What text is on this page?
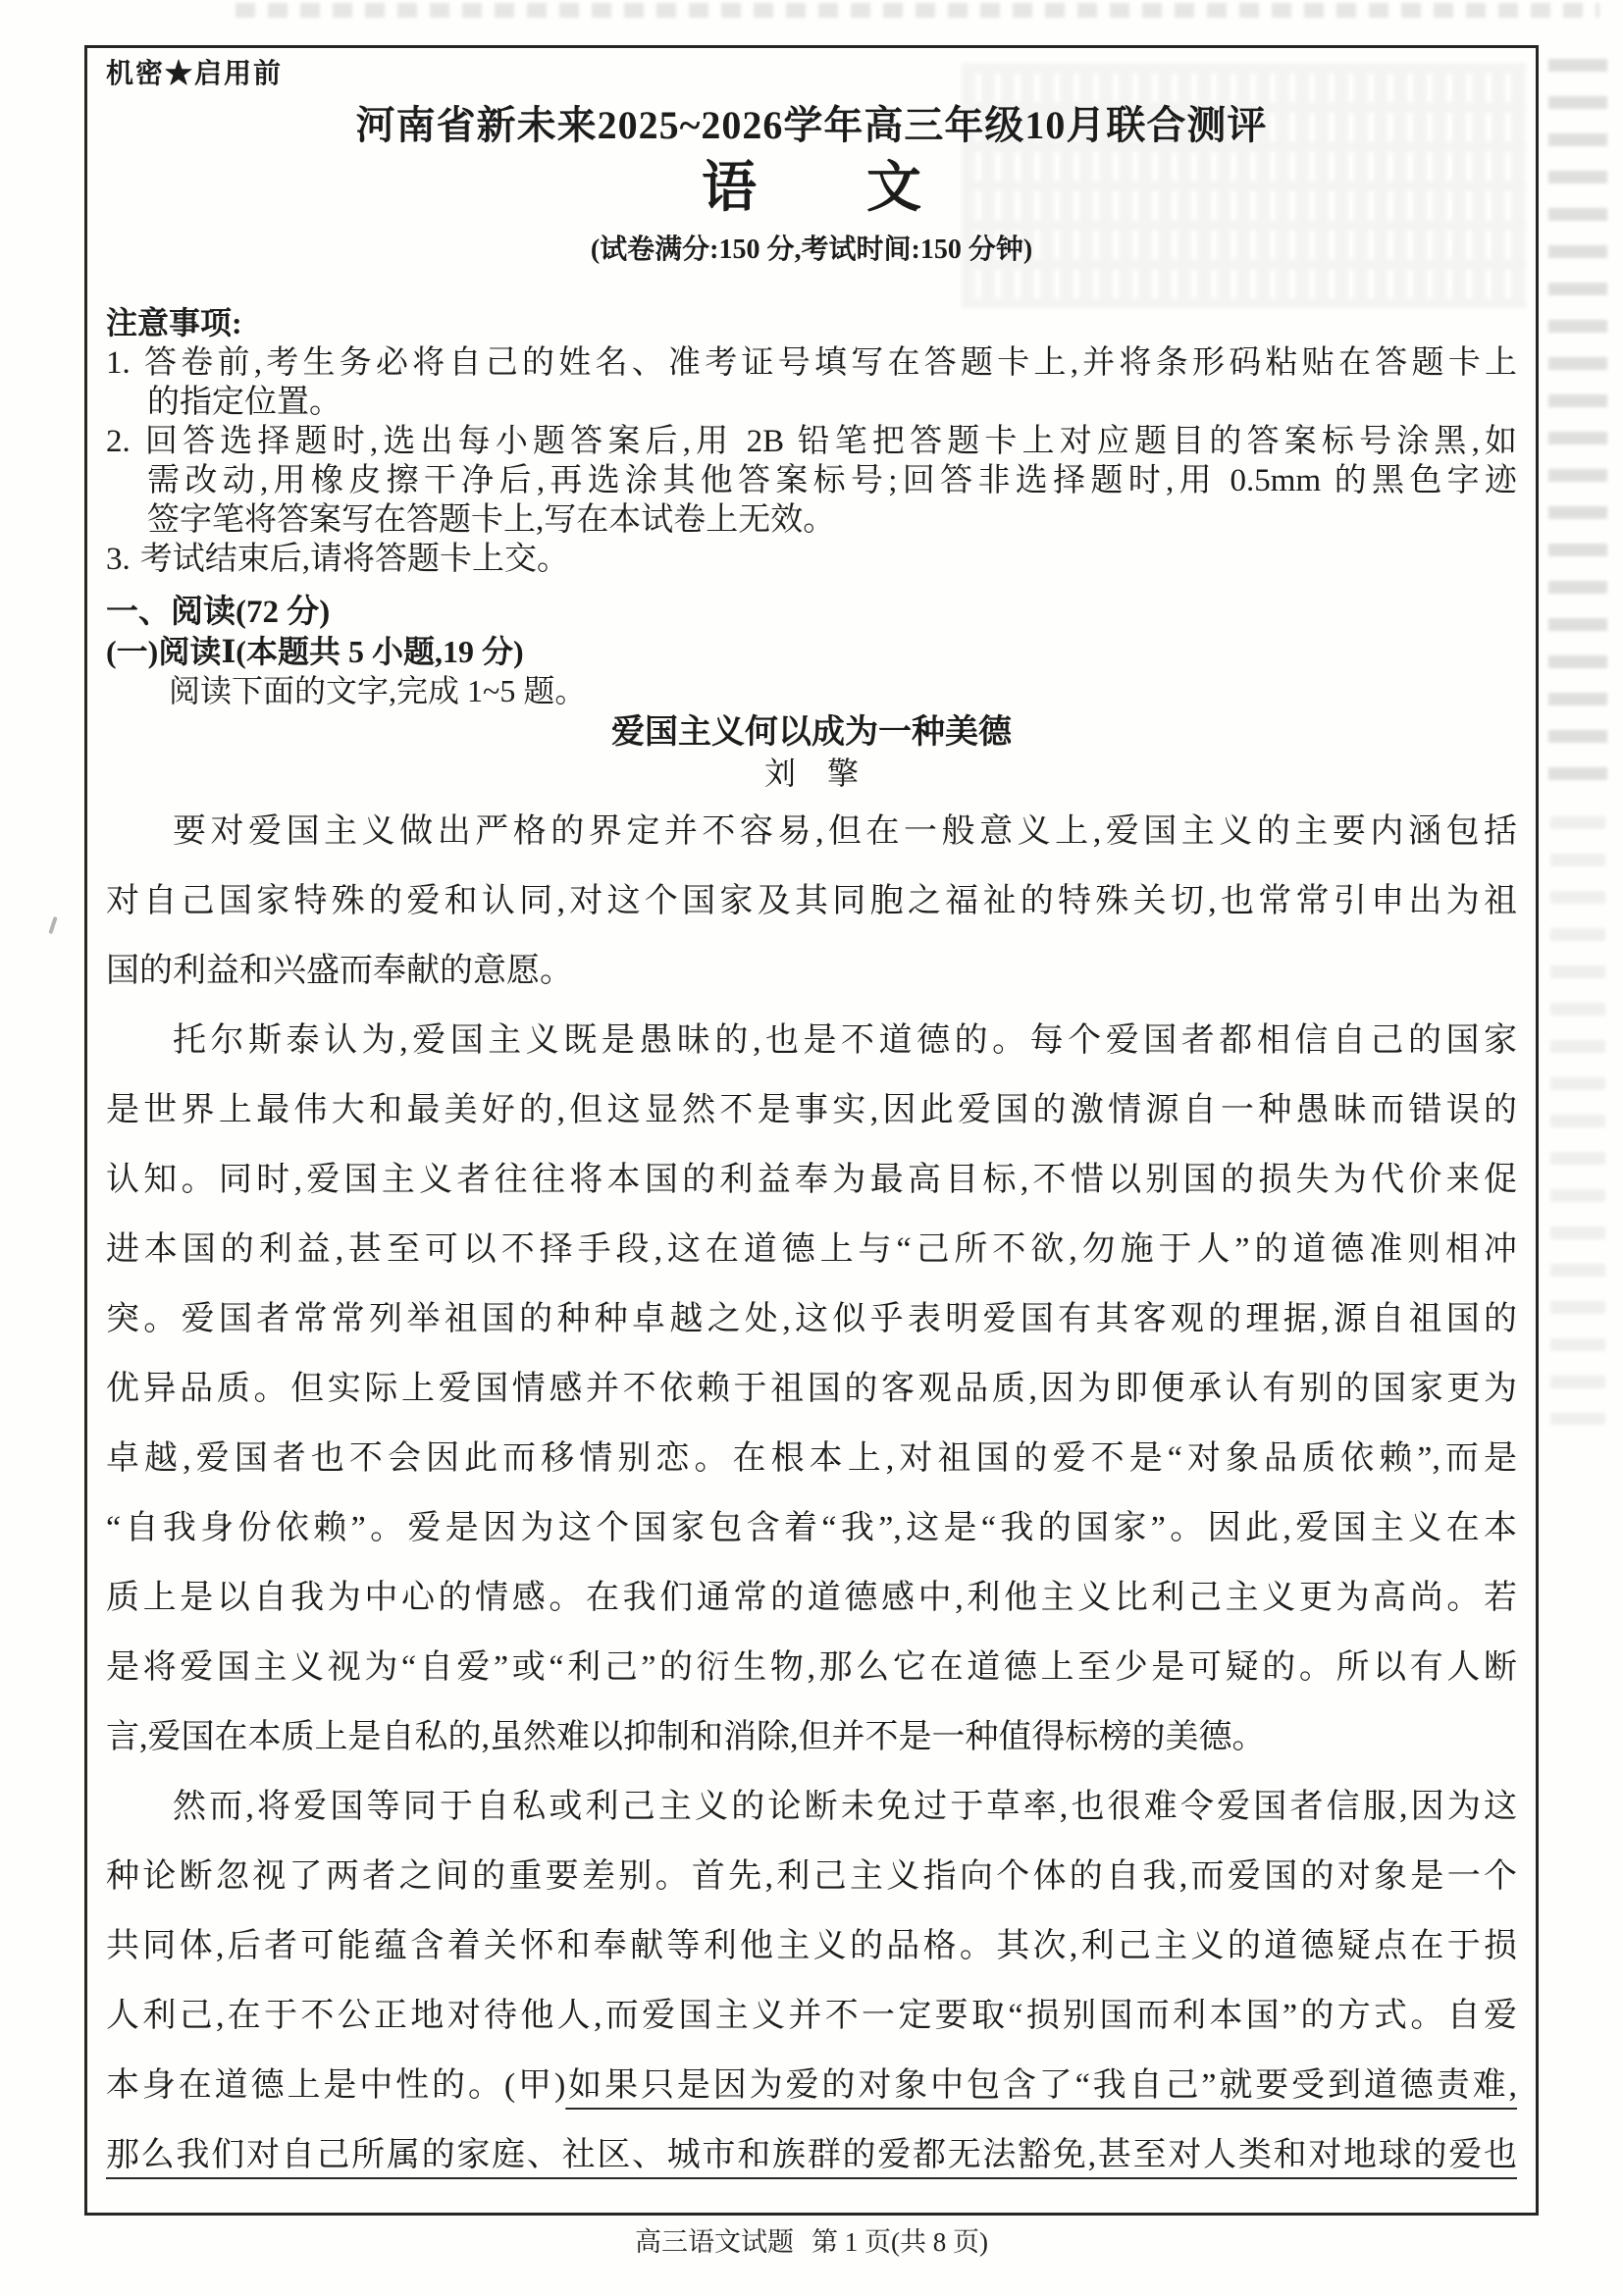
机密★启用前
河南省新未来2025~2026学年高三年级10月联合测评
语　　文
(试卷满分:150 分,考试时间:150 分钟)
注意事项:
1. 答卷前,考生务必将自己的姓名、准考证号填写在答题卡上,并将条形码粘贴在答题卡上
的指定位置。
2. 回答选择题时,选出每小题答案后,用 2B 铅笔把答题卡上对应题目的答案标号涂黑,如
需改动,用橡皮擦干净后,再选涂其他答案标号;回答非选择题时,用 0.5mm 的黑色字迹
签字笔将答案写在答题卡上,写在本试卷上无效。
3. 考试结束后,请将答题卡上交。
一、阅读(72 分)
(一)阅读Ⅰ(本题共 5 小题,19 分)
阅读下面的文字,完成 1~5 题。
爱国主义何以成为一种美德
刘　擎
要对爱国主义做出严格的界定并不容易,但在一般意义上,爱国主义的主要内涵包括
对自己国家特殊的爱和认同,对这个国家及其同胞之福祉的特殊关切,也常常引申出为祖
国的利益和兴盛而奉献的意愿。
托尔斯泰认为,爱国主义既是愚昧的,也是不道德的。每个爱国者都相信自己的国家
是世界上最伟大和最美好的,但这显然不是事实,因此爱国的激情源自一种愚昧而错误的
认知。同时,爱国主义者往往将本国的利益奉为最高目标,不惜以别国的损失为代价来促
进本国的利益,甚至可以不择手段,这在道德上与“己所不欲,勿施于人”的道德准则相冲
突。爱国者常常列举祖国的种种卓越之处,这似乎表明爱国有其客观的理据,源自祖国的
优异品质。但实际上爱国情感并不依赖于祖国的客观品质,因为即便承认有别的国家更为
卓越,爱国者也不会因此而移情别恋。在根本上,对祖国的爱不是“对象品质依赖”,而是
“自我身份依赖”。爱是因为这个国家包含着“我”,这是“我的国家”。因此,爱国主义在本
质上是以自我为中心的情感。在我们通常的道德感中,利他主义比利己主义更为高尚。若
是将爱国主义视为“自爱”或“利己”的衍生物,那么它在道德上至少是可疑的。所以有人断
言,爱国在本质上是自私的,虽然难以抑制和消除,但并不是一种值得标榜的美德。
然而,将爱国等同于自私或利己主义的论断未免过于草率,也很难令爱国者信服,因为这
种论断忽视了两者之间的重要差别。首先,利己主义指向个体的自我,而爱国的对象是一个
共同体,后者可能蕴含着关怀和奉献等利他主义的品格。其次,利己主义的道德疑点在于损
人利己,在于不公正地对待他人,而爱国主义并不一定要取“损别国而利本国”的方式。自爱
本身在道德上是中性的。(甲)如果只是因为爱的对象中包含了“我自己”就要受到道德责难,
那么我们对自己所属的家庭、社区、城市和族群的爱都无法豁免,甚至对人类和对地球的爱也
高三语文试题 第 1 页(共 8 页)
